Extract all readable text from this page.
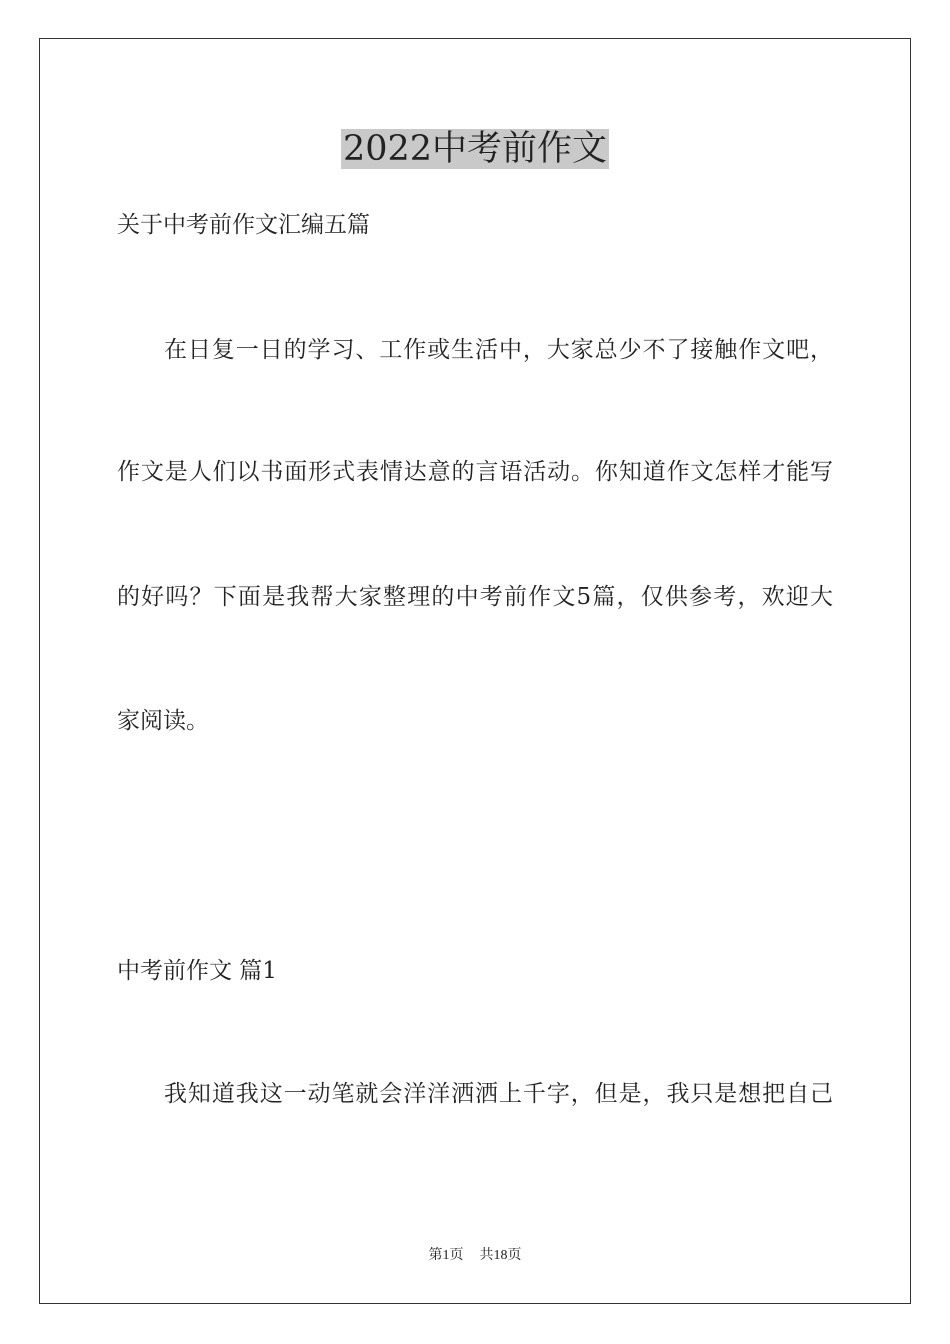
2022中考前作文

关于中考前作文汇编五篇

在日复一日的学习、工作或生活中，大家总少不了接触作文吧，

作文是人们以书面形式表情达意的言语活动。你知道作文怎样才能写

的好吗？下面是我帮大家整理的中考前作文5篇，仅供参考，欢迎大

家阅读。

中考前作文 篇1

我知道我这一动笔就会洋洋洒洒上千字，但是，我只是想把自己

第1页 共18页
